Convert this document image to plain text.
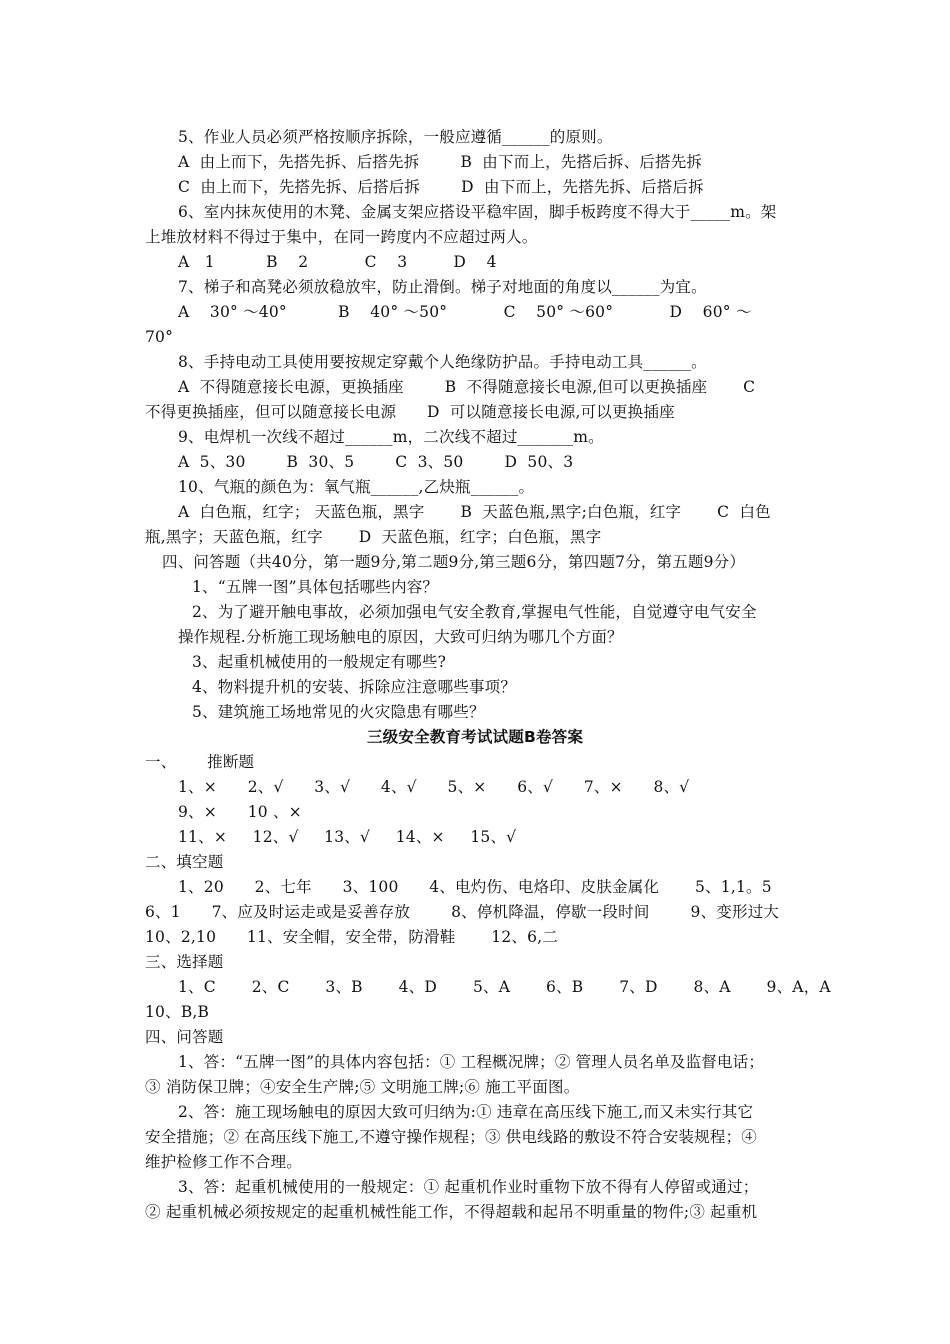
5、作业人员必须严格按顺序拆除，一般应遵循______的原则。
A  由上而下，先搭先拆、后搭先拆        B  由下而上，先搭后拆、后搭先拆
C  由上而下，先搭先拆、后搭后拆        D  由下而上，先搭先拆、后搭后拆
6、室内抹灰使用的木凳、金属支架应搭设平稳牢固，脚手板跨度不得大于_____m。架
上堆放材料不得过于集中，在同一跨度内不应超过两人。
A   1          B    2           C    3         D    4
7、梯子和高凳必须放稳放牢，防止滑倒。梯子对地面的角度以______为宜。
A    30° ～40°          B    40° ～50°           C    50° ～60°           D    60° ～
70°
8、手持电动工具使用要按规定穿戴个人绝缘防护品。手持电动工具______。
A  不得随意接长电源，更换插座        B  不得随意接长电源,但可以更换插座       C
不得更换插座，但可以随意接长电源      D  可以随意接长电源,可以更换插座
9、电焊机一次线不超过______m，二次线不超过_______m。
A  5、30        B  30、5        C  3、50        D  50、3
10、气瓶的颜色为：氧气瓶______,乙炔瓶______。
A  白色瓶，红字； 天蓝色瓶，黑字       B  天蓝色瓶,黑字;白色瓶，红字       C  白色
瓶,黑字；天蓝色瓶，红字       D  天蓝色瓶，红字；白色瓶，黑字
四、问答题（共40分，第一题9分,第二题9分,第三题6分，第四题7分，第五题9分）
1、“五牌一图”具体包括哪些内容？
2、为了避开触电事故，必须加强电气安全教育,掌握电气性能，自觉遵守电气安全
操作规程.分析施工现场触电的原因，大致可归纳为哪几个方面？
3、起重机械使用的一般规定有哪些?
4、物料提升机的安装、拆除应注意哪些事项？
5、建筑施工场地常见的火灾隐患有哪些？
三级安全教育考试试题B卷答案
一、      推断题
1、×      2、√      3、√      4、√      5、×      6、√      7、×      8、√
9、×      10 、×
11、×     12、√     13、√     14、×     15、√
二、填空题
1、20      2、七年      3、100      4、电灼伤、电烙印、皮肤金属化       5、1,1。5
6、1      7、应及时运走或是妥善存放        8、停机降温，停歇一段时间        9、变形过大
10、2,10      11、安全帽，安全带，防滑鞋       12、6,二
三、选择题
1、C       2、C       3、B       4、D       5、A       6、B       7、D       8、A       9、A，A
10、B,B
四、问答题
1、答：“五牌一图”的具体内容包括：① 工程概况牌；② 管理人员名单及监督电话；
③ 消防保卫牌；④安全生产牌;⑤ 文明施工牌;⑥ 施工平面图。
2、答：施工现场触电的原因大致可归纳为:① 违章在高压线下施工,而又未实行其它
安全措施；② 在高压线下施工,不遵守操作规程；③ 供电线路的敷设不符合安装规程；④
维护检修工作不合理。
3、答：起重机械使用的一般规定：① 起重机作业时重物下放不得有人停留或通过；
② 起重机械必须按规定的起重机械性能工作，不得超载和起吊不明重量的物件;③ 起重机
